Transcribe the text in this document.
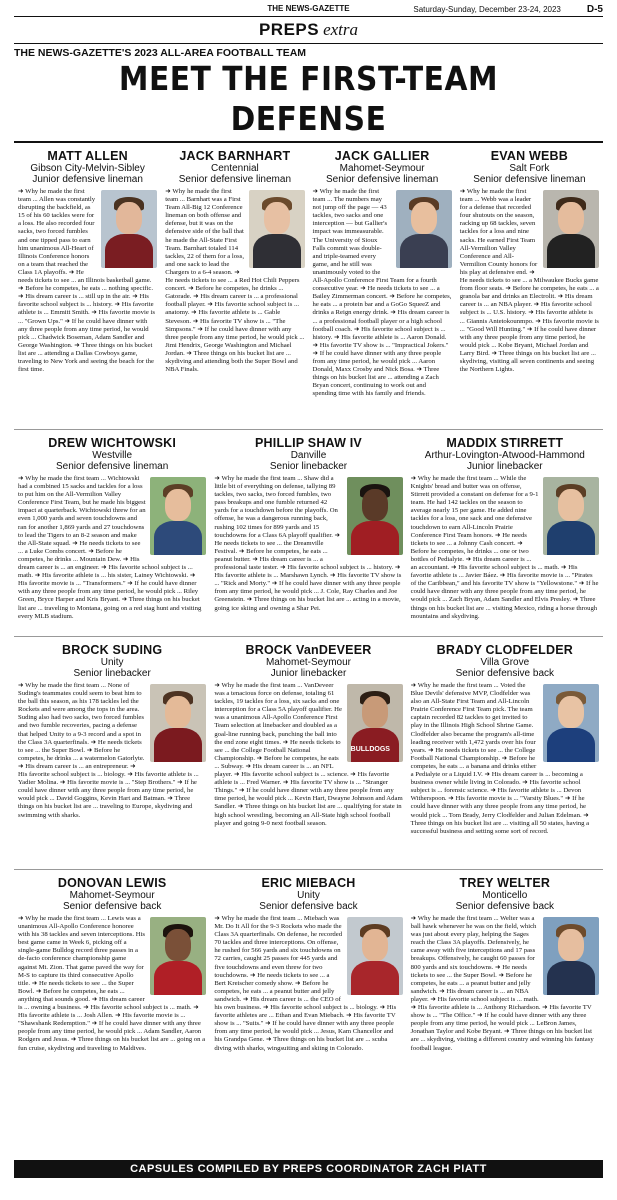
THE NEWS-GAZETTE	Saturday-Sunday, December 23-24, 2023	D-5
PREPS extra
THE NEWS-GAZETTE'S 2023 ALL-AREA FOOTBALL TEAM
MEET THE FIRST-TEAM DEFENSE
MATT ALLEN
Gibson City-Melvin-Sibley
Junior defensive lineman
➜ Why he made the first team ... Allen was constantly disrupting the backfield, as 15 of his 60 tackles were for a loss. He also recorded four sacks, two forced fumbles and one tipped pass to earn him unanimous All-Heart of Illinois Conference honors on a team that reached the Class 1A playoffs. ➜ He needs tickets to see ... an Illinois basketball game. ➜ Before he competes, he eats ... nothing specific. ➜ His dream career is ... still up in the air. ➜ His favorite school subject is ... history. ➜ His favorite athlete is ... Emmitt Smith. ➜ His favorite movie is ... "Grown Ups." ➜ If he could have dinner with any three people from any time period, he would pick ... Chadwick Boseman, Adam Sandler and George Washington. ➜ Three things on his bucket list are ... attending a Dallas Cowboys game, traveling to New York and seeing the beach for the first time.
JACK BARNHART
Centennial
Senior defensive lineman
➜ Why he made the first team ... Barnhart was a First Team All-Big 12 Conference lineman on both offense and defense, but it was on the defensive side of the ball that he made the All-State First Team. Barnhart totaled 114 tackles, 22 of them for a loss, and one sack to lead the Chargers to a 6-4 season. ➜ He needs tickets to see ... a Red Hot Chili Peppers concert. ➜ Before he competes, he drinks ... Gatorade. ➜ His dream career is ... a professional football player. ➜ His favorite school subject is ... anatomy. ➜ His favorite athlete is ... Gable Steveson. ➜ His favorite TV show is ... "The Simpsons." ➜ If he could have dinner with any three people from any time period, he would pick ... Jimi Hendrix, George Washington and Michael Jordan. ➜ Three things on his bucket list are ... skydiving and attending both the Super Bowl and NBA Finals.
JACK GALLIER
Mahomet-Seymour
Senior defensive lineman
➜ Why he made the first team ... The numbers may not jump off the page — 43 tackles, two sacks and one interception — but Gallier's impact was immeasurable. The University of Sioux Falls commit was double- and triple-teamed every game, and he still was unanimously voted to the All-Apollo Conference First Team for a fourth consecutive year. ➜ He needs tickets to see ... a Bailey Zimmerman concert. ➜ Before he competes, he eats ... a protein bar and a GoGo SqueeZ and drinks a Reign energy drink. ➜ His dream career is ... a professional football player or a high school football coach. ➜ His favorite school subject is ... history. ➜ His favorite athlete is ... Aaron Donald. ➜ His favorite TV show is ... "Impractical Jokers." ➜ If he could have dinner with any three people from any time period, he would pick ... Aaron Donald, Maxx Crosby and Nick Bosa. ➜ Three things on his bucket list are ... attending a Zach Bryan concert, continuing to work out and spending time with his family and friends.
EVAN WEBB
Salt Fork
Senior defensive lineman
➜ Why he made the first team ... Webb was a leader for a defense that recorded four shutouts on the season, racking up 68 tackles, seven tackles for a loss and nine sacks. He earned First Team All-Vermilion Valley Conference and All-Vermilion County honors for his play at defensive end. ➜ He needs tickets to see ... a Milwaukee Bucks game from floor seats. ➜ Before he competes, he eats ... a granola bar and drinks an Electrolit. ➜ His dream career is ... an NBA player. ➜ His favorite school subject is ... U.S. history. ➜ His favorite athlete is ... Giannis Antetokounmpo. ➜ His favorite movie is ... "Good Will Hunting." ➜ If he could have dinner with any three people from any time period, he would pick ... Kobe Bryant, Michael Jordan and Larry Bird. ➜ Three things on his bucket list are ... skydiving, visiting all seven continents and seeing the Northern Lights.
DREW WICHTOWSKI
Westville
Senior defensive lineman
➜ Why he made the first team ... Wichtowski had a combined 15 sacks and tackles for a loss to put him on the All-Vermilion Valley Conference First Team, but he made his biggest impact at quarterback. Wichtowski threw for an even 1,000 yards and seven touchdowns and ran for another 1,869 yards and 27 touchdowns to lead the Tigers to an 8-2 season and make the All-State squad. ➜ He needs tickets to see ... a Luke Combs concert. ➜ Before he competes, he drinks ... Mountain Dew. ➜ His dream career is ... an engineer. ➜ His favorite school subject is ... math. ➜ His favorite athlete is ... his sister, Lainey Wichtowski. ➜ His favorite movie is ... "Transformers." ➜ If he could have dinner with any three people from any time period, he would pick ... Riley Green, Bryce Harper and Kris Bryant. ➜ Three things on his bucket list are ... traveling to Montana, going on a red stag hunt and visiting every MLB stadium.
PHILLIP SHAW IV
Danville
Senior linebacker
➜ Why he made the first team ... Shaw did a little bit of everything on defense, tallying 89 tackles, two sacks, two forced fumbles, two pass breakups and one fumble returned 42 yards for a touchdown before the playoffs. On offense, he was a dangerous running back, rushing 102 times for 899 yards and 15 touchdowns for a Class 6A playoff qualifier. ➜ He needs tickets to see ... the Dreamville Festival. ➜ Before he competes, he eats ... peanut butter. ➜ His dream career is ... a professional taste tester. ➜ His favorite school subject is ... history. ➜ His favorite athlete is ... Marshawn Lynch. ➜ His favorite TV show is ... "Rick and Morty." ➜ If he could have dinner with any three people from any time period, he would pick ... J. Cole, Ray Charles and Joe Greenstein. ➜ Three things on his bucket list are ... acting in a movie, going ice skiing and owning a Shar Pei.
MADDIX STIRRETT
Arthur-Lovington-Atwood-Hammond
Junior linebacker
➜ Why he made the first team ... While the Knights' bread and butter was on offense, Stirrett provided a constant on defense for a 9-1 team. He had 142 tackles on the season to average nearly 15 per game. He added nine tackles for a loss, one sack and one defensive touchdown to earn All-Lincoln Prairie Conference First Team honors. ➜ He needs tickets to see ... a Johnny Cash concert. ➜ Before he competes, he drinks ... one or two bottles of Pedialyte. ➜ His dream career is ... an accountant. ➜ His favorite school subject is ... math. ➜ His favorite athlete is ... Javier Báez. ➜ His favorite movie is ... "Pirates of the Caribbean," and his favorite TV show is "Yellowstone." ➜ If he could have dinner with any three people from any time period, he would pick ... Zach Bryan, Adam Sandler and Elvis Presley. ➜ Three things on his bucket list are ... visiting Mexico, riding a horse through mountains and skydiving.
BROCK SUDING
Unity
Senior linebacker
➜ Why he made the first team ... None of Suding's teammates could seem to beat him to the ball this season, as his 178 tackles led the Rockets and were among the tops in the area. Suding also had two sacks, two forced fumbles and two fumble recoveries, pacing a defense that helped Unity to a 9-3 record and a spot in the Class 3A quarterfinals. ➜ He needs tickets to see ... the Super Bowl. ➜ Before he competes, he drinks ... a watermelon Gatorlyte. ➜ His dream career is ... an entrepreneur. ➜ His favorite school subject is ... biology. ➜ His favorite athlete is ... Yadier Molina. ➜ His favorite movie is ... "Step Brothers." ➜ If he could have dinner with any three people from any time period, he would pick ... David Goggins, Kevin Hart and Batman. ➜ Three things on his bucket list are ... traveling to Europe, skydiving and swimming with sharks.
BROCK VanDEVEER
Mahomet-Seymour
Junior linebacker
BULLDOGS
➜ Why he made the first team ... VanDeveer was a tenacious force on defense, totaling 61 tackles, 19 tackles for a loss, six sacks and one interception for a Class 5A playoff qualifier. He was a unanimous All-Apollo Conference First Team selection at linebacker and doubled as a goal-line running back, punching the ball into the end zone eight times. ➜ He needs tickets to see ... the College Football National Championship. ➜ Before he competes, he eats ... Subway. ➜ His dream career is ... an NFL player. ➜ His favorite school subject is ... science. ➜ His favorite athlete is ... Fred Warner. ➜ His favorite TV show is ... "Stranger Things." ➜ If he could have dinner with any three people from any time period, he would pick ... Kevin Hart, Dwayne Johnson and Adam Sandler. ➜ Three things on his bucket list are ... qualifying for state in high school wrestling, becoming an All-State high school football player and going 9-0 next football season.
BRADY CLODFELDER
Villa Grove
Senior defensive back
➜ Why he made the first team ... Voted the Blue Devils' defensive MVP, Clodfelder was also an All-State First Team and All-Lincoln Prairie Conference First Team pick. The team captain recorded 82 tackles to get invited to play in the Illinois High School Shrine Game. Clodfelder also became the program's all-time leading receiver with 1,472 yards over his four years. ➜ He needs tickets to see ... the College Football National Championship. ➜ Before he competes, he eats ... a banana and drinks either a Pedialyte or a Liquid I.V. ➜ His dream career is ... becoming a business owner while living in Colorado. ➜ His favorite school subject is ... forensic science. ➜ His favorite athlete is ... Devon Witherspoon. ➜ His favorite movie is ... "Varsity Blues." ➜ If he could have dinner with any three people from any time period, he would pick ... Tom Brady, Jerry Clodfelder and Julian Edelman. ➜ Three things on his bucket list are ... visiting all 50 states, having a successful business and setting some sort of record.
DONOVAN LEWIS
Mahomet-Seymour
Senior defensive back
➜ Why he made the first team ... Lewis was a unanimous All-Apollo Conference honoree with his 38 tackles and seven interceptions. His best game came in Week 6, picking off a single-game Bulldog record three passes in a de-facto conference championship game against Mt. Zion. That game paved the way for M-S to capture its third consecutive Apollo title. ➜ He needs tickets to see ... the Super Bowl. ➜ Before he competes, he eats ... anything that sounds good. ➜ His dream career is ... owning a business. ➜ His favorite school subject is ... math. ➜ His favorite athlete is ... Josh Allen. ➜ His favorite movie is ... "Shawshank Redemption." ➜ If he could have dinner with any three people from any time period, he would pick ... Adam Sandler, Aaron Rodgers and Jesus. ➜ Three things on his bucket list are ... going on a fun cruise, skydiving and traveling to Maldives.
ERIC MIEBACH
Unity
Senior defensive back
➜ Why he made the first team ... Miebach was Mr. Do It All for the 9-3 Rockets who made the Class 3A quarterfinals. On defense, he recorded 70 tackles and three interceptions. On offense, he rushed for 566 yards and six touchdowns on 72 carries, caught 25 passes for 445 yards and five touchdowns and even threw for two touchdowns. ➜ He needs tickets to see ... a Bert Kreischer comedy show. ➜ Before he competes, he eats ... a peanut butter and jelly sandwich. ➜ His dream career is ... the CEO of his own business. ➜ His favorite school subject is ... biology. ➜ His favorite athletes are ... Ethan and Evan Miebach. ➜ His favorite TV show is ... "Suits." ➜ If he could have dinner with any three people from any time period, he would pick ... Jesus, Kam Chancellor and his Grandpa Gene. ➜ Three things on his bucket list are ... scuba diving with sharks, wingsuiting and skiing in Colorado.
TREY WELTER
Monticello
Senior defensive back
➜ Why he made the first team ... Welter was a ball hawk whenever he was on the field, which was just about every play, helping the Sages reach the Class 3A playoffs. Defensively, he came away with five interceptions and 17 pass breakups. Offensively, he caught 60 passes for 800 yards and six touchdowns. ➜ He needs tickets to see ... the Super Bowl. ➜ Before he competes, he eats ... a peanut butter and jelly sandwich. ➜ His dream career is ... an NBA player. ➜ His favorite school subject is ... math. ➜ His favorite athlete is ... Anthony Richardson. ➜ His favorite TV show is ... "The Office." ➜ If he could have dinner with any three people from any time period, he would pick ... LeBron James, Jonathan Taylor and Kobe Bryant. ➜ Three things on his bucket list are ... skydiving, visiting a different country and winning his fantasy football league.
CAPSULES COMPILED BY PREPS COORDINATOR ZACH PIATT
